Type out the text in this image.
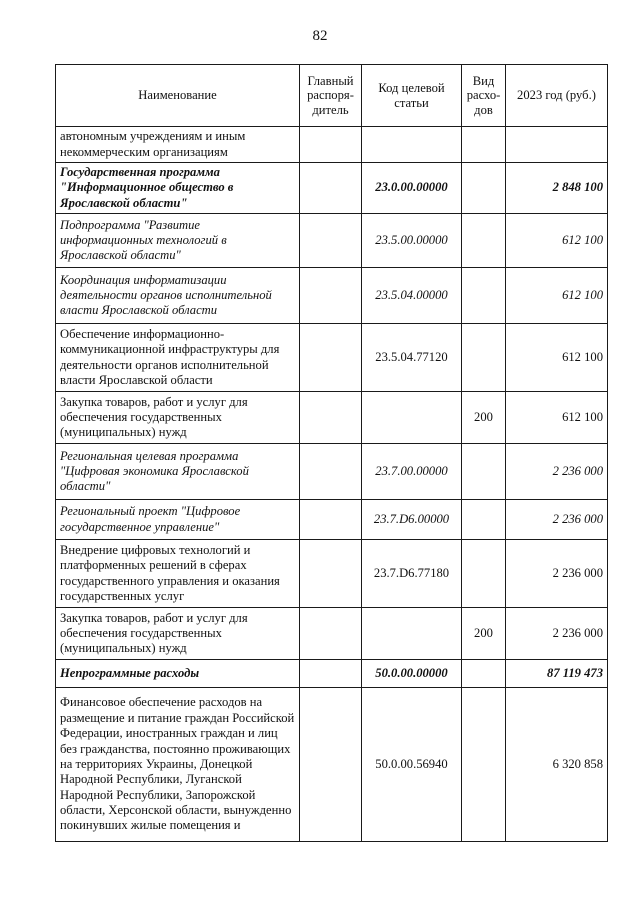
82
Наименование	Главный распоря-дитель	Код целевой статьи	Вид расхо-дов	2023 год (руб.)
автономным учреждениям и иным некоммерческим организациям				
Государственная программа "Информационное общество в Ярославской области"		23.0.00.00000		2 848 100
Подпрограмма "Развитие информационных технологий в Ярославской области"		23.5.00.00000		612 100
Координация информатизации деятельности органов исполнительной власти Ярославской области		23.5.04.00000		612 100
Обеспечение информационно-коммуникационной инфраструктуры для деятельности органов исполнительной власти Ярославской области		23.5.04.77120		612 100
Закупка товаров, работ и услуг для обеспечения государственных (муниципальных) нужд			200	612 100
Региональная целевая программа "Цифровая экономика Ярославской области"		23.7.00.00000		2 236 000
Региональный проект "Цифровое государственное управление"		23.7.D6.00000		2 236 000
Внедрение цифровых технологий и платформенных решений в сферах государственного управления и оказания государственных услуг		23.7.D6.77180		2 236 000
Закупка товаров, работ и услуг для обеспечения государственных (муниципальных) нужд			200	2 236 000
Непрограммные расходы		50.0.00.00000		87 119 473
Финансовое обеспечение расходов на размещение и питание граждан Российской Федерации, иностранных граждан и лиц без гражданства, постоянно проживающих на территориях Украины, Донецкой Народной Республики, Луганской Народной Республики, Запорожской области, Херсонской области, вынужденно покинувших жилые помещения и		50.0.00.56940		6 320 858
